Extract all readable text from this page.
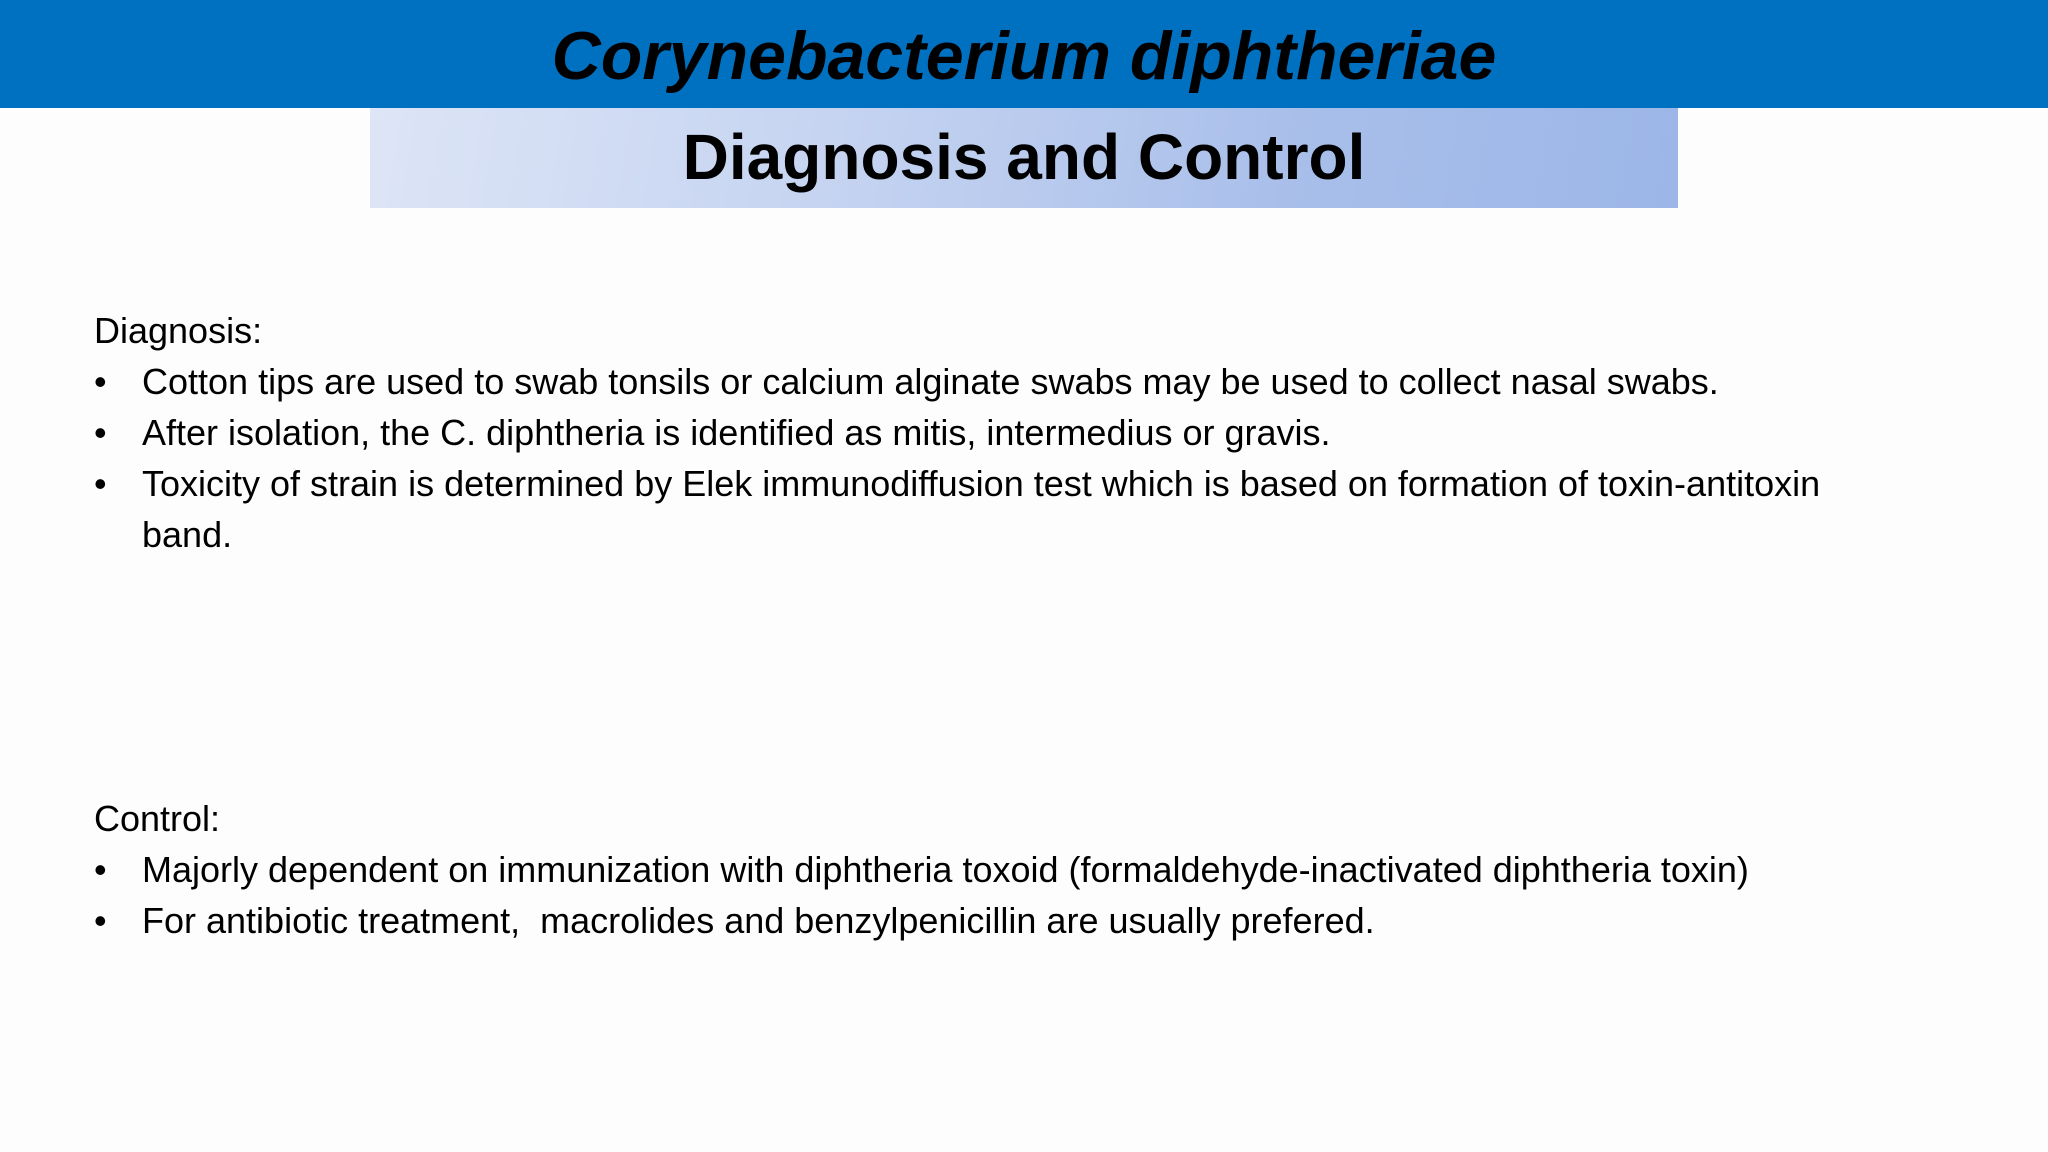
Corynebacterium diphtheriae
Diagnosis and Control

Diagnosis:

• Cotton tips are used to swab tonsils or calcium alginate swabs may be used to collect nasal swabs.
• After isolation, the C. diphtheria is identified as mitis, intermedius or gravis.
• Toxicity of strain is determined by Elek immunodiffusion test which is based on formation of toxin-antitoxin band.

Control:

• Majorly dependent on immunization with diphtheria toxoid (formaldehyde-inactivated diphtheria toxin)
• For antibiotic treatment,  macrolides and benzylpenicillin are usually prefered.
